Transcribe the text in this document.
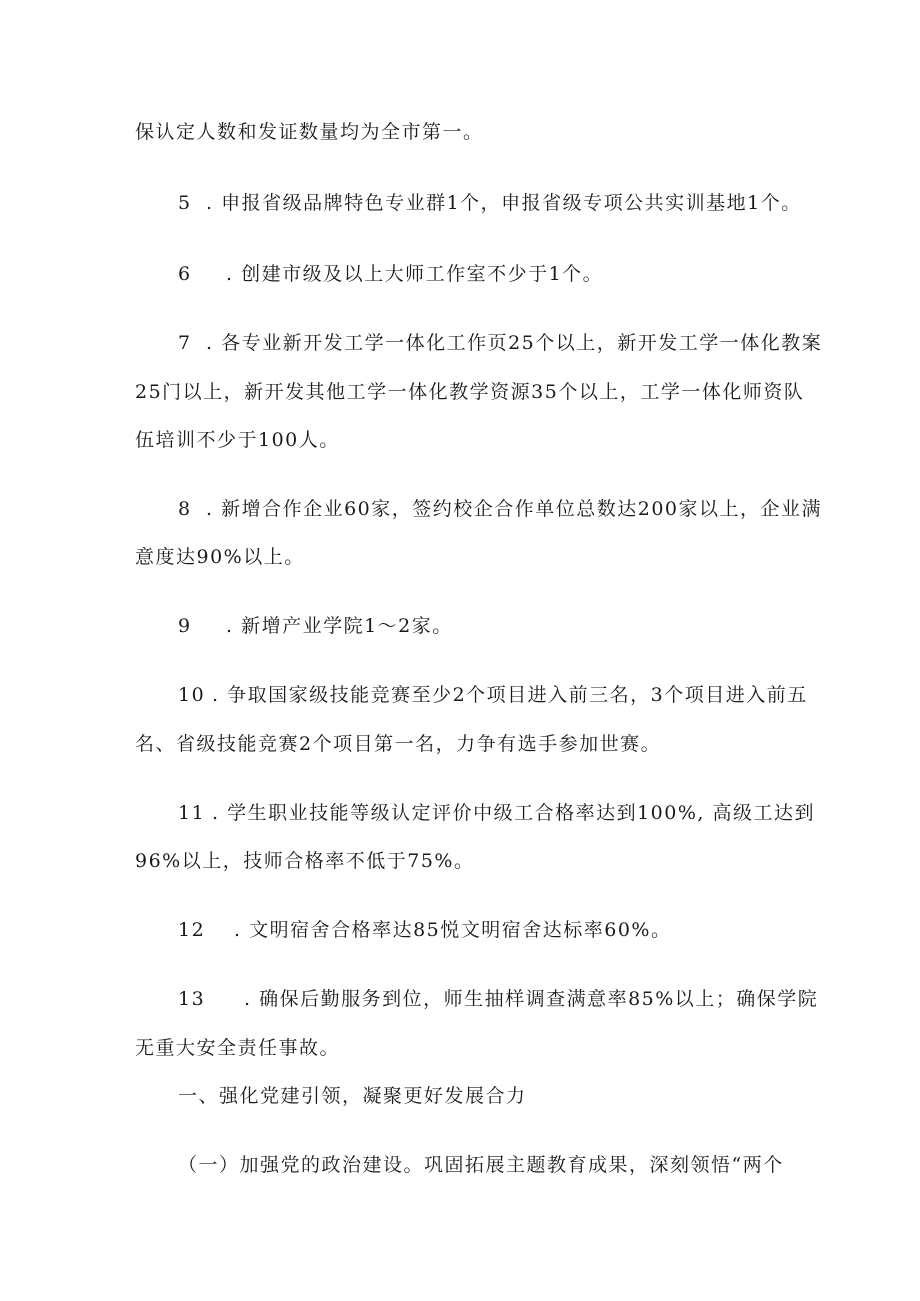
保认定人数和发证数量均为全市第一。
5 . 申报省级品牌特色专业群1个，申报省级专项公共实训基地1个。
6 . 创建市级及以上大师工作室不少于1个。
7 . 各专业新开发工学一体化工作页25个以上，新开发工学一体化教案
25门以上，新开发其他工学一体化教学资源35个以上，工学一体化师资队
伍培训不少于100人。
8 . 新增合作企业60家，签约校企合作单位总数达200家以上，企业满
意度达90%以上。
9 . 新增产业学院1～2家。
10 . 争取国家级技能竞赛至少2个项目进入前三名，3个项目进入前五
名、省级技能竞赛2个项目第一名，力争有选手参加世赛。
11 . 学生职业技能等级认定评价中级工合格率达到100%, 高级工达到
96%以上，技师合格率不低于75%。
12 . 文明宿舍合格率达85悦文明宿舍达标率60%。
13 . 确保后勤服务到位，师生抽样调查满意率85%以上；确保学院
无重大安全责任事故。
一、强化党建引领，凝聚更好发展合力
（一）加强党的政治建设。巩固拓展主题教育成果，深刻领悟“两个
